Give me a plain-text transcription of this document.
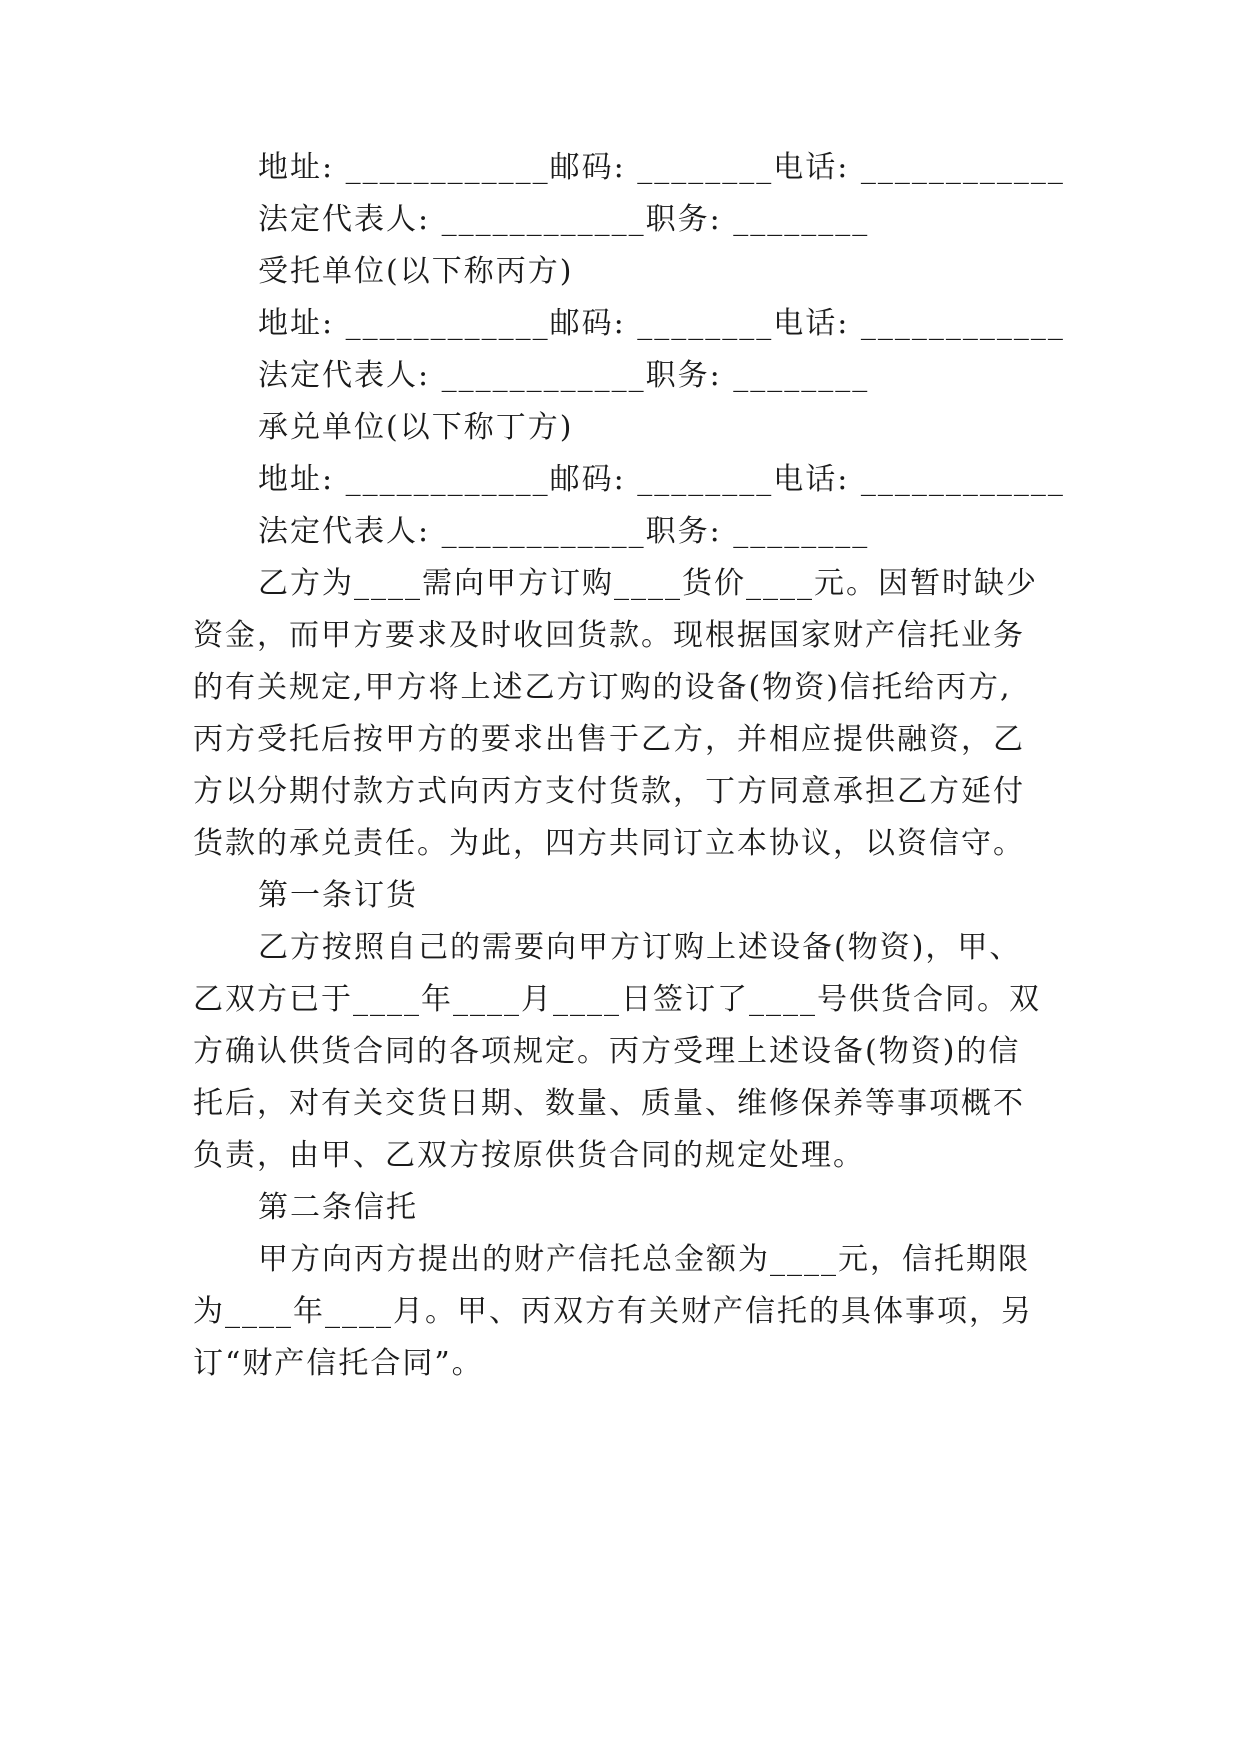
地址: ____________邮码: ________电话: ____________
法定代表人: ____________职务: ________
受托单位(以下称丙方)
地址: ____________邮码: ________电话: ____________
法定代表人: ____________职务: ________
承兑单位(以下称丁方)
地址: ____________邮码: ________电话: ____________
法定代表人: ____________职务: ________
乙方为____需向甲方订购____货价____元。因暂时缺少
资金，而甲方要求及时收回货款。现根据国家财产信托业务
的有关规定,甲方将上述乙方订购的设备(物资)信托给丙方,
丙方受托后按甲方的要求出售于乙方，并相应提供融资，乙
方以分期付款方式向丙方支付货款，丁方同意承担乙方延付
货款的承兑责任。为此，四方共同订立本协议，以资信守。
第一条订货
乙方按照自己的需要向甲方订购上述设备(物资)，甲、
乙双方已于____年____月____日签订了____号供货合同。双
方确认供货合同的各项规定。丙方受理上述设备(物资)的信
托后，对有关交货日期、数量、质量、维修保养等事项概不
负责，由甲、乙双方按原供货合同的规定处理。
第二条信托
甲方向丙方提出的财产信托总金额为____元，信托期限
为____年____月。甲、丙双方有关财产信托的具体事项，另
订“财产信托合同”。
